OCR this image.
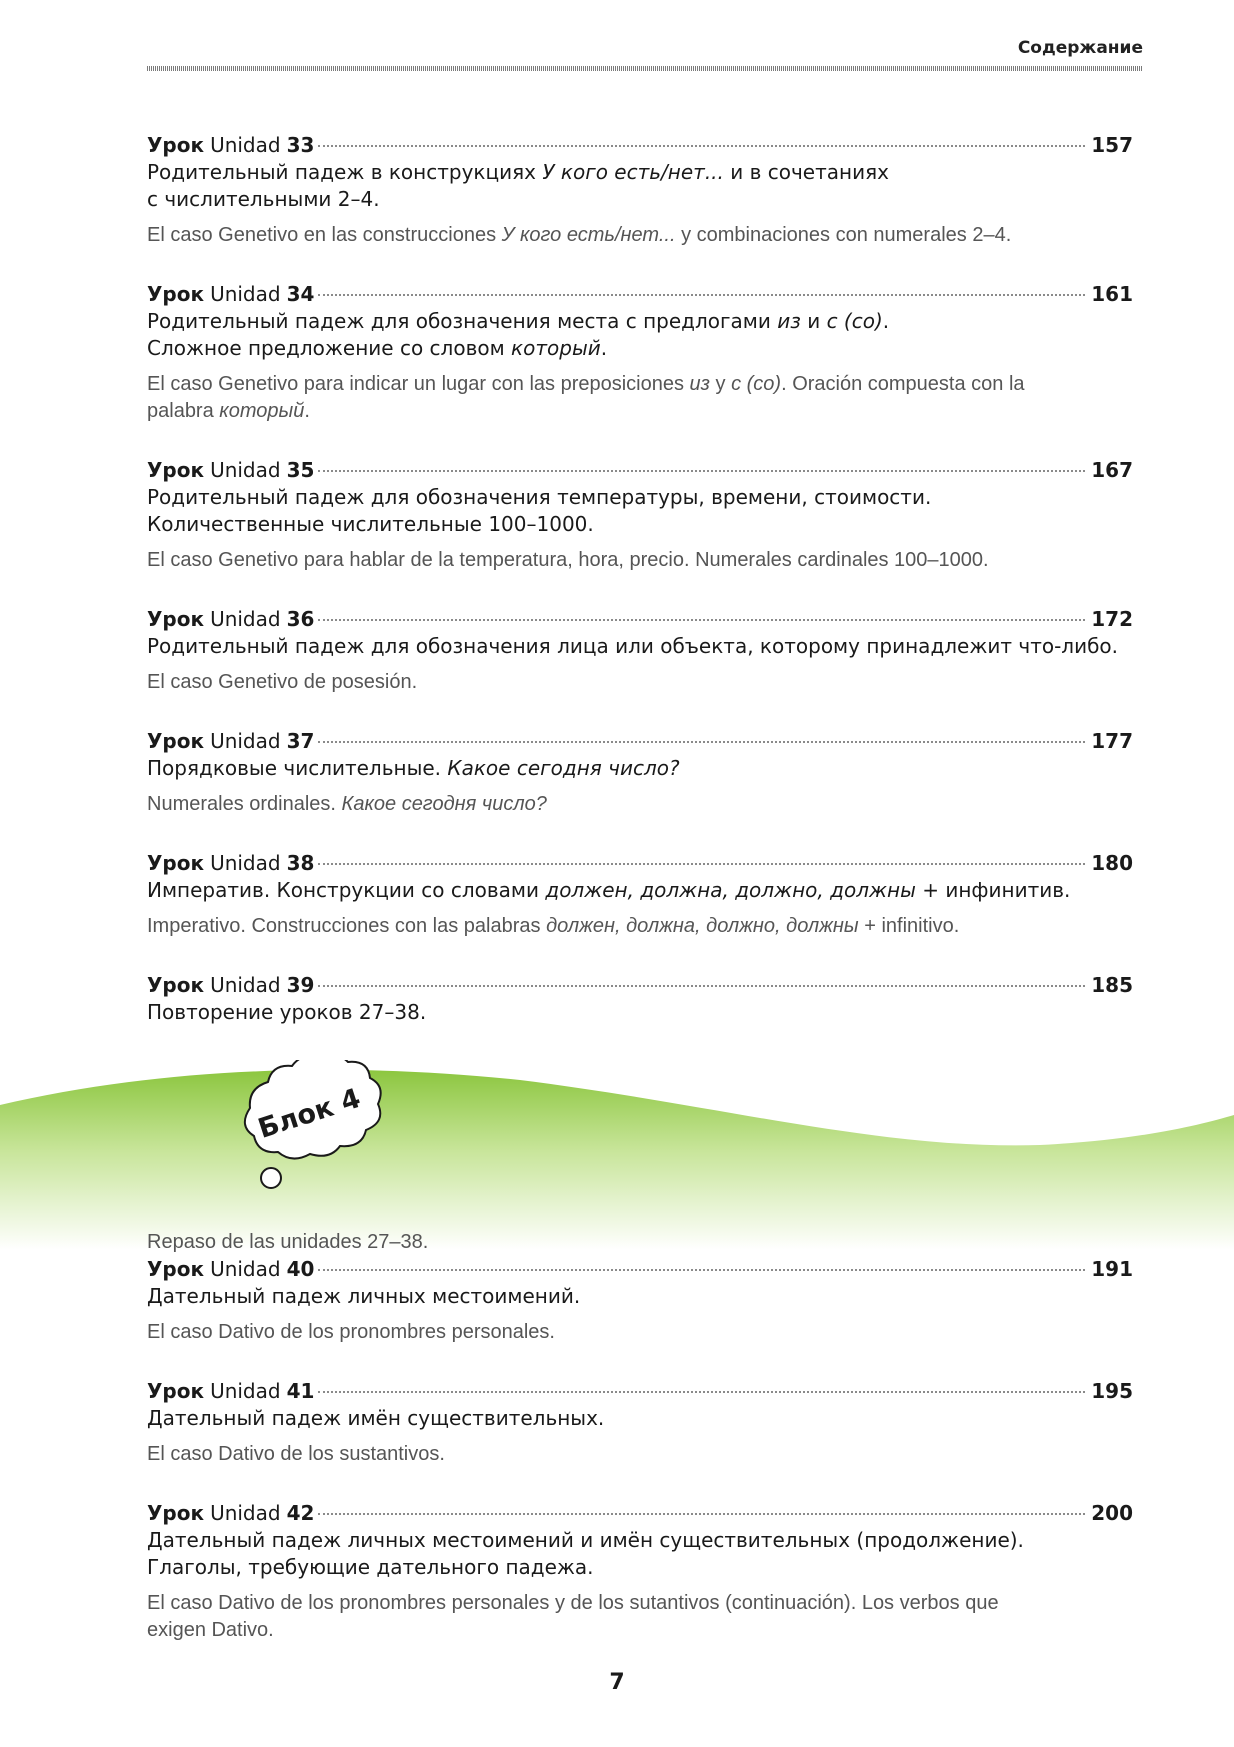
Содержание
Урок Unidad 33	157
Родительный падеж в конструкциях У кого есть/нет... и в сочетаниях
с числительными 2–4.
El caso Genetivo en las construcciones У кого есть/нет... y combinaciones con numerales 2–4.
Урок Unidad 34	161
Родительный падеж для обозначения места с предлогами из и с (со).
Сложное предложение со словом который.
El caso Genetivo para indicar un lugar con las preposiciones из y с (со). Oración compuesta con la
palabra который.
Урок Unidad 35	167
Родительный падеж для обозначения температуры, времени, стоимости.
Количественные числительные 100–1000.
El caso Genetivo para hablar de la temperatura, hora, precio. Numerales cardinales 100–1000.
Урок Unidad 36	172
Родительный падеж для обозначения лица или объекта, которому принадлежит что-либо.
El caso Genetivo de posesión.
Урок Unidad 37	177
Порядковые числительные. Какое сегодня число?
Numerales ordinales. Какое сегодня число?
Урок Unidad 38	180
Императив. Конструкции со словами должен, должна, должно, должны + инфинитив.
Imperativo. Construcciones con las palabras должен, должна, должно, должны + infinitivo.
Урок Unidad 39	185
Повторение уроков 27–38.
Блок 4
Repaso de las unidades 27–38.
Урок Unidad 40	191
Дательный падеж личных местоимений.
El caso Dativo de los pronombres personales.
Урок Unidad 41	195
Дательный падеж имён существительных.
El caso Dativo de los sustantivos.
Урок Unidad 42	200
Дательный падеж личных местоимений и имён существительных (продолжение).
Глаголы, требующие дательного падежа.
El caso Dativo de los pronombres personales y de los sutantivos (continuación). Los verbos que
exigen Dativo.
7
